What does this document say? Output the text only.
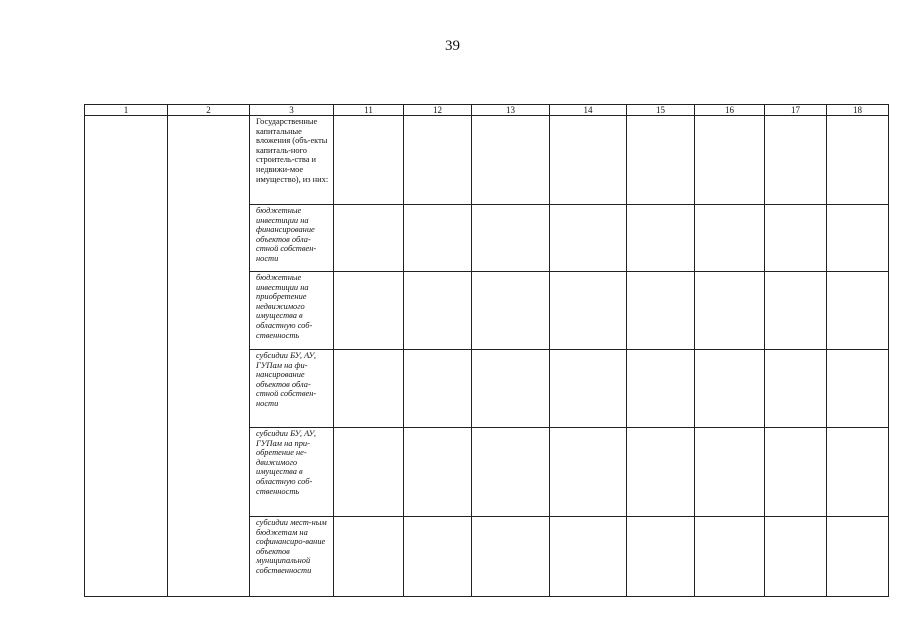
39
1	2	3	11	12	13	14	15	16	17	18
		Государственные капитальные вложения (объ-екты капиталь-ного строитель-ства и недвижи-мое имущество), из них:								
		бюджетные инвестиции на финансирование объектов обла-стной собствен-ности								
		бюджетные инвестиции на приобретение недвижимого имущества в областную соб-ственность								
		субсидии БУ, АУ, ГУПам на фи-нансирование объектов обла-стной собствен-ности								
		субсидии БУ, АУ, ГУПам на при-обретение не-движимого имущества в областную соб-ственность								
		субсидии мест-ным бюджетам на софинансиро-вание объектов муниципальной собственности								
